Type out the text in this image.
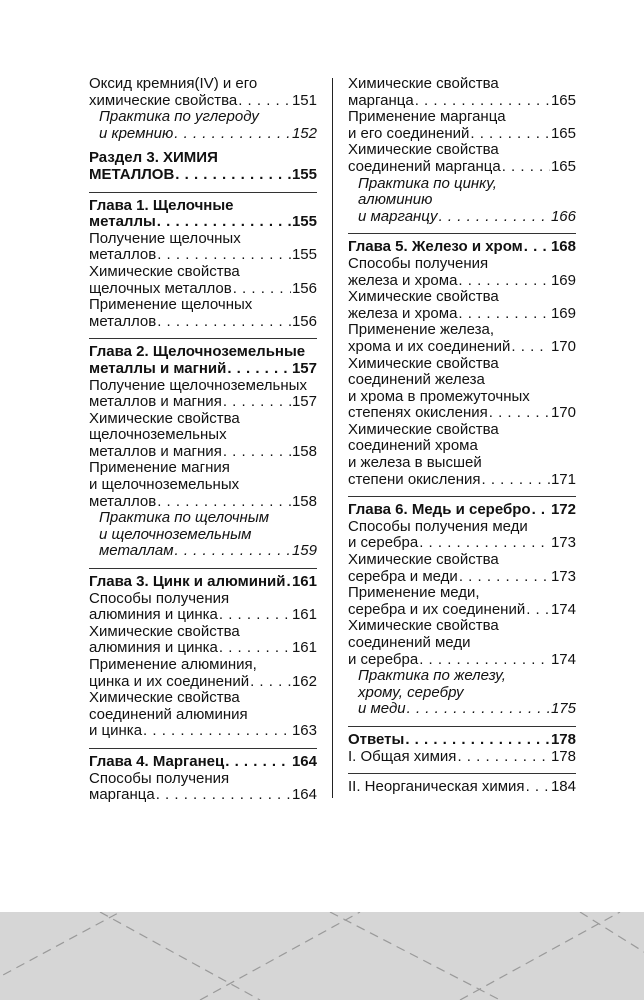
Оксид кремния(IV) и его
химические свойства . . .	151
Практика по углероду
и кремнию . . .	152
Раздел 3. ХИМИЯ
МЕТАЛЛОВ . . .	155
Глава 1. Щелочные
металлы . . .	155
Получение щелочных
металлов . . .	155
Химические свойства
щелочных металлов . . .	156
Применение щелочных
металлов . . .	156
Глава 2. Щелочноземельные
металлы и магний . . .	157
Получение щелочноземельных
металлов и магния . . .	157
Химические свойства
щелочноземельных
металлов и магния . . .	158
Применение магния
и щелочноземельных
металлов . . .	158
Практика по щелочным
и щелочноземельным
металлам . . .	159
Глава 3. Цинк и алюминий . . . 161
Способы получения
алюминия и цинка . . .	161
Химические свойства
алюминия и цинка . . .	161
Применение алюминия,
цинка и их соединений . . .	162
Химические свойства
соединений алюминия
и цинка . . .	163
Глава 4. Марганец . . .	164
Способы получения
марганца . . .	164
Химические свойства
марганца . . .	165
Применение марганца
и его соединений . . .	165
Химические свойства
соединений марганца . . .	165
Практика по цинку,
алюминию
и марганцу . . .	166
Глава 5. Железо и хром . . . 168
Способы получения
железа и хрома . . .	169
Химические свойства
железа и хрома . . .	169
Применение железа,
хрома и их соединений . . .	170
Химические свойства
соединений железа
и хрома в промежуточных
степенях окисления . . .	170
Химические свойства
соединений хрома
и железа в высшей
степени окисления . . .	171
Глава 6. Медь и серебро . . . 172
Способы получения меди
и серебра . . .	173
Химические свойства
серебра и меди . . .	173
Применение меди,
серебра и их соединений . . . 174
Химические свойства
соединений меди
и серебра . . .	174
Практика по железу,
хрому, серебру
и меди . . .	175
Ответы . . .	178
I. Общая химия . . .	178
II. Неорганическая химия . . . 184
